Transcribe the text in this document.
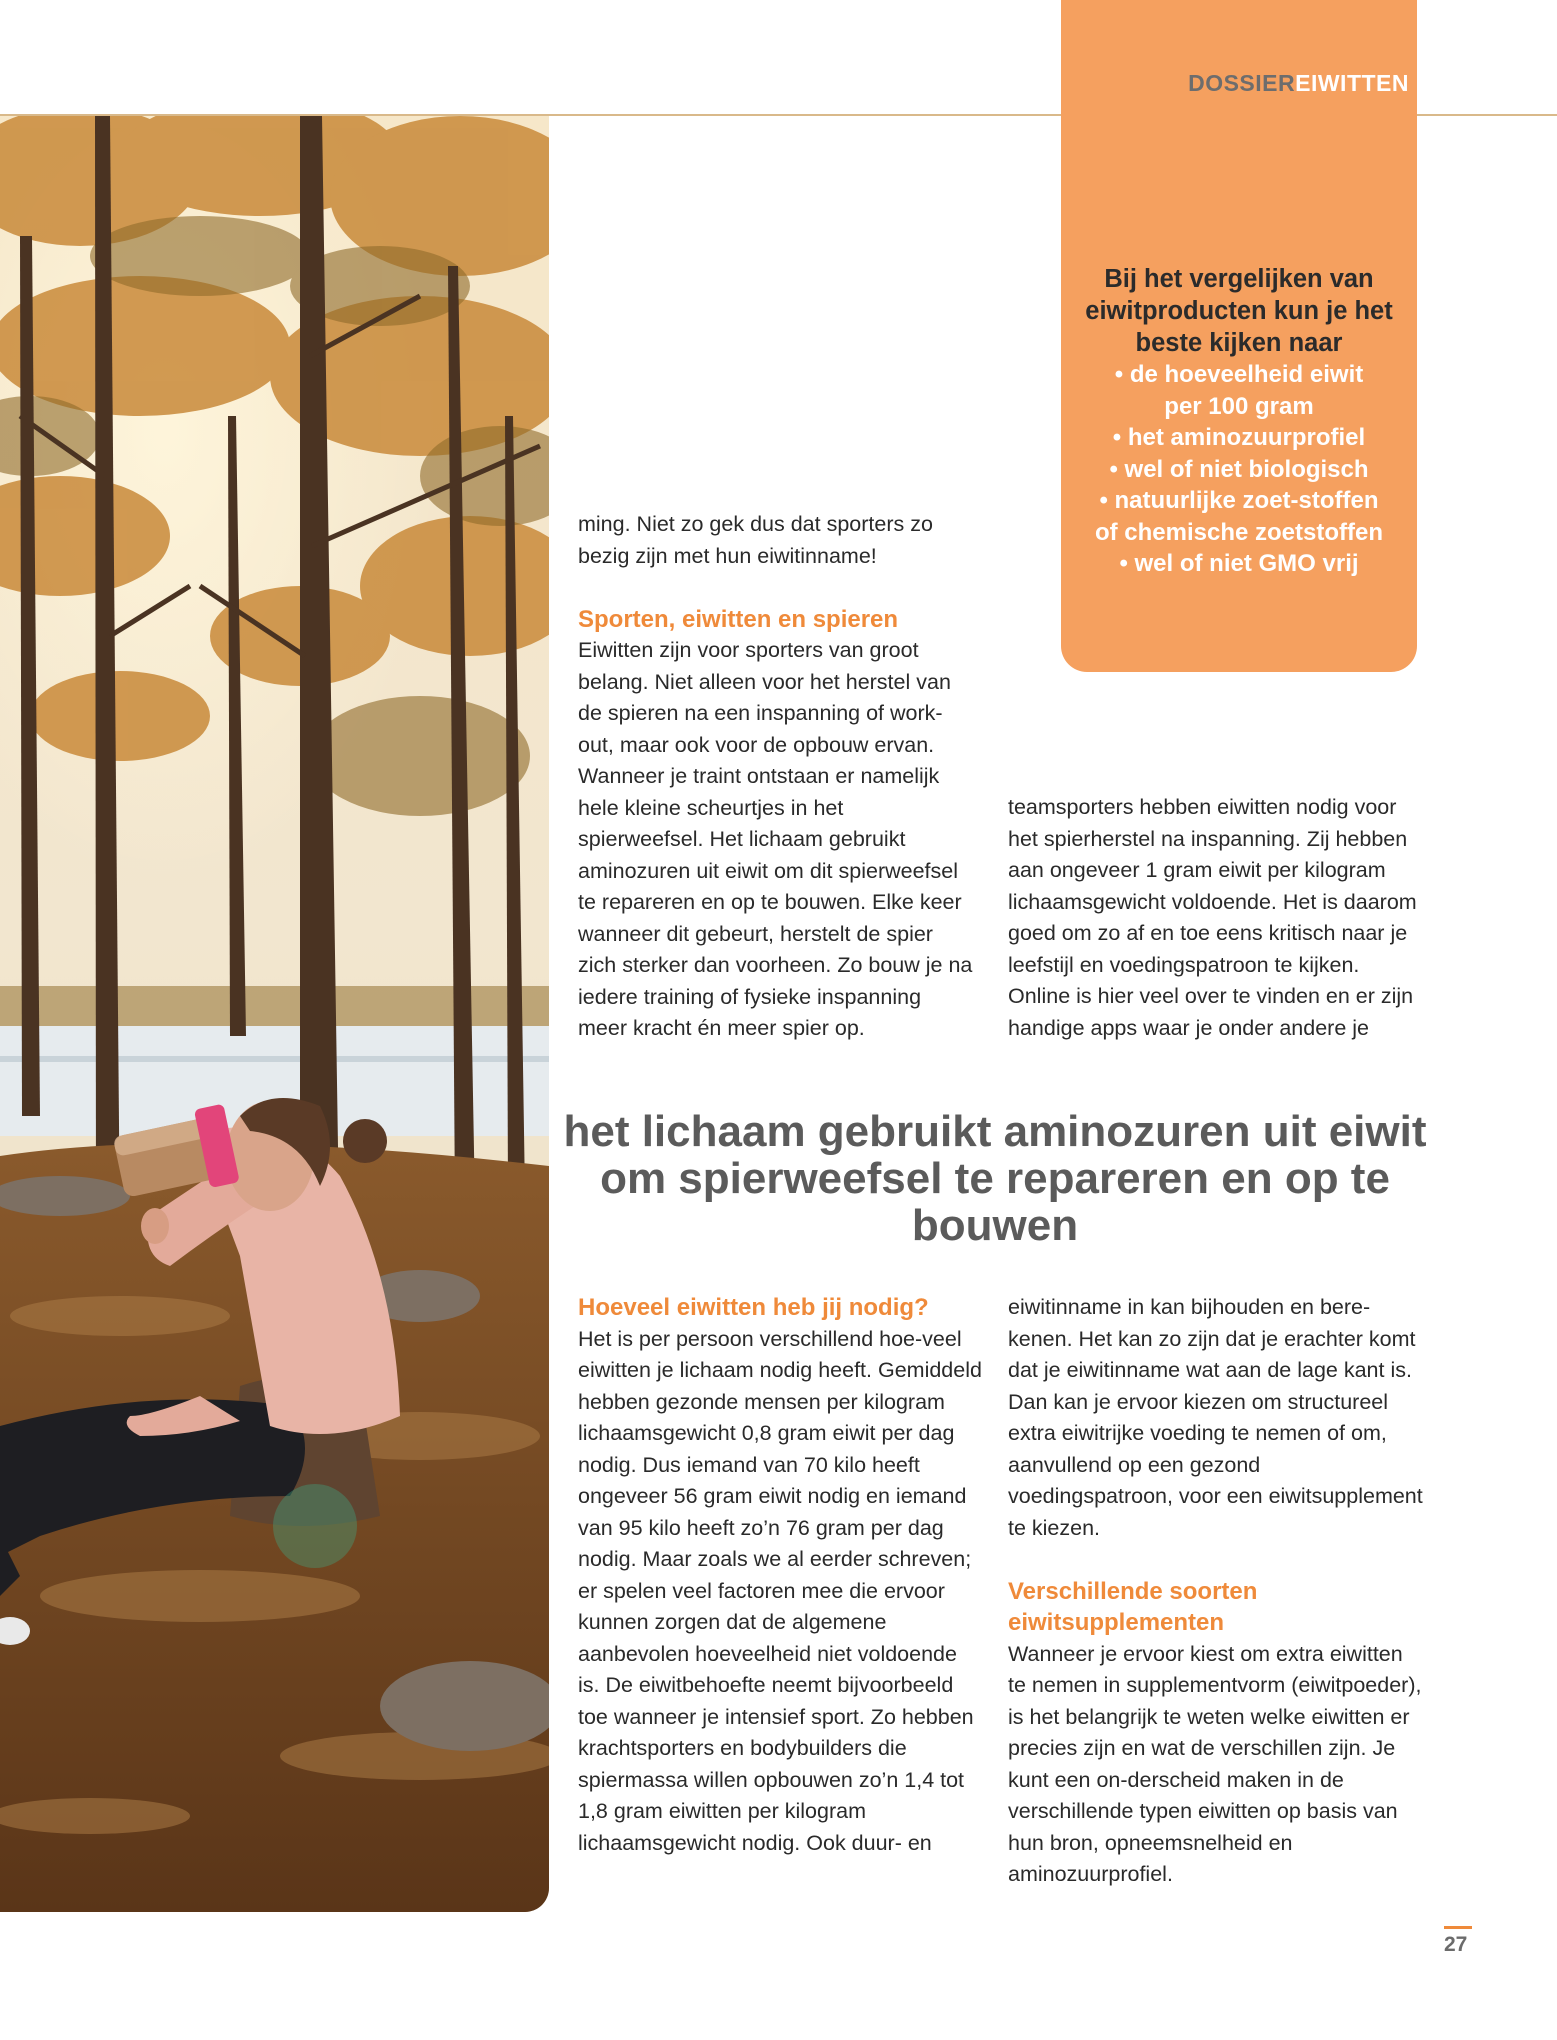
DOSSIEREIWITTEN
Bij het vergelijken van eiwitproducten kun je het beste kijken naar
• de hoeveelheid eiwit per 100 gram
• het aminozuurprofiel
• wel of niet biologisch
• natuurlijke zoet-stoffen of chemische zoetstoffen
• wel of niet GMO vrij

ming. Niet zo gek dus dat sporters zo bezig zijn met hun eiwitinname!

Sporten, eiwitten en spieren

Eiwitten zijn voor sporters van groot belang. Niet alleen voor het herstel van de spieren na een inspanning of work-out, maar ook voor de opbouw ervan. Wanneer je traint ontstaan er namelijk hele kleine scheurtjes in het spierweefsel. Het lichaam gebruikt aminozuren uit eiwit om dit spierweefsel te repareren en op te bouwen. Elke keer wanneer dit gebeurt, herstelt de spier zich sterker dan voorheen. Zo bouw je na iedere training of fysieke inspanning meer kracht én meer spier op.

teamsporters hebben eiwitten nodig voor het spierherstel na inspanning. Zij hebben aan ongeveer 1 gram eiwit per kilogram lichaamsgewicht voldoende. Het is daarom goed om zo af en toe eens kritisch naar je leefstijl en voedingspatroon te kijken. Online is hier veel over te vinden en er zijn handige apps waar je onder andere je

het lichaam gebruikt aminozuren uit eiwit om spierweefsel te repareren en op te bouwen
Hoeveel eiwitten heb jij nodig?

Het is per persoon verschillend hoe-veel eiwitten je lichaam nodig heeft. Gemiddeld hebben gezonde mensen per kilogram lichaamsgewicht 0,8 gram eiwit per dag nodig. Dus iemand van 70 kilo heeft ongeveer 56 gram eiwit nodig en iemand van 95 kilo heeft zo’n 76 gram per dag nodig. Maar zoals we al eerder schreven; er spelen veel factoren mee die ervoor kunnen zorgen dat de algemene aanbevolen hoeveelheid niet voldoende is. De eiwitbehoefte neemt bijvoorbeeld toe wanneer je intensief sport. Zo hebben krachtsporters en bodybuilders die spiermassa willen opbouwen zo’n 1,4 tot 1,8 gram eiwitten per kilogram lichaamsgewicht nodig. Ook duur- en

eiwitinname in kan bijhouden en bere-kenen. Het kan zo zijn dat je erachter komt dat je eiwitinname wat aan de lage kant is. Dan kan je ervoor kiezen om structureel extra eiwitrijke voeding te nemen of om, aanvullend op een gezond voedingspatroon, voor een eiwitsupplement te kiezen.

Verschillende soorten eiwitsupplementen

Wanneer je ervoor kiest om extra eiwitten te nemen in supplementvorm (eiwitpoeder), is het belangrijk te weten welke eiwitten er precies zijn en wat de verschillen zijn. Je kunt een on-derscheid maken in de verschillende typen eiwitten op basis van hun bron, opneemsnelheid en aminozuurprofiel.

27
